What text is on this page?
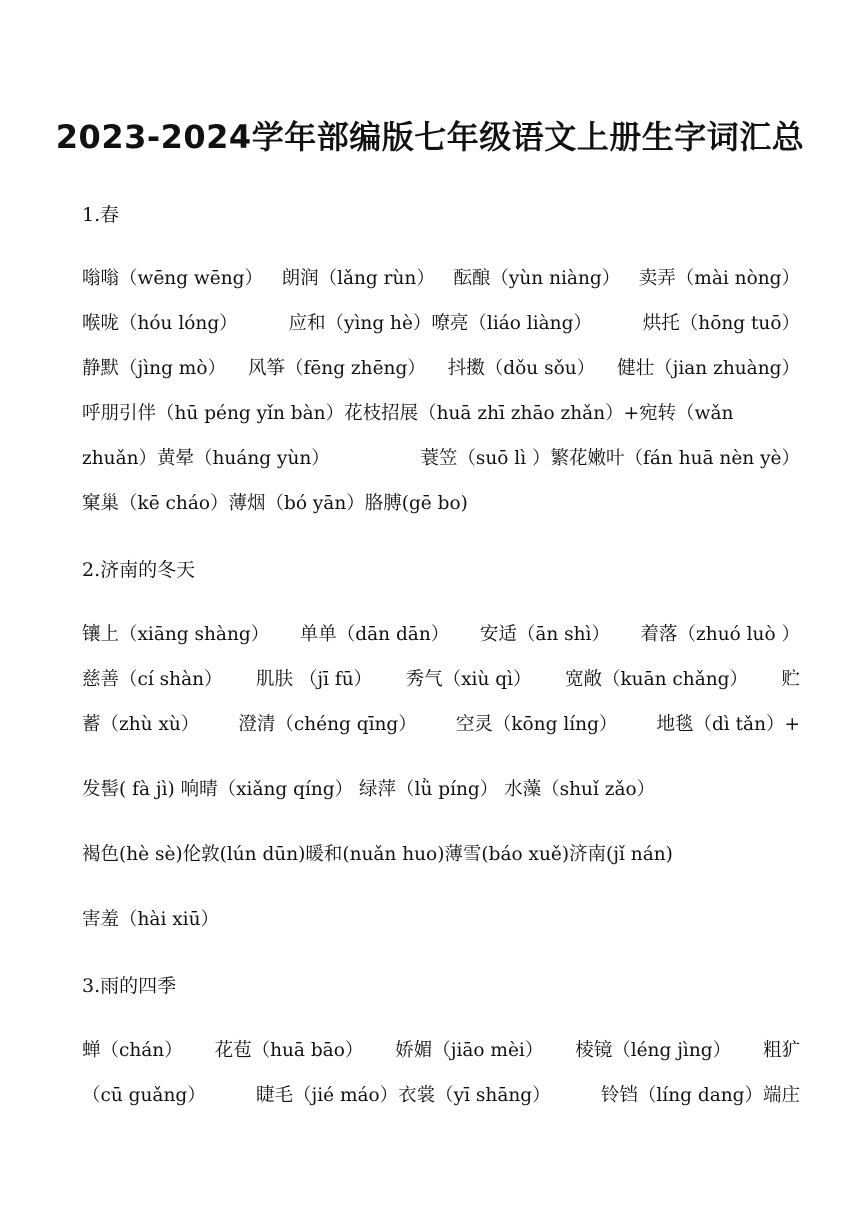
2023-2024学年部编版七年级语文上册生字词汇总
1.春
嗡嗡（wēng wēng） 朗润（lǎng rùn） 酝酿（yùn niàng） 卖弄（mài nòng）
喉咙（hóu lóng）	应和（yìng hè）嘹亮（liáo liàng）	烘托（hōng tuō）
静默（jìng mò） 风筝（fēng zhēng） 抖擞（dǒu sǒu） 健壮（jian zhuàng）
呼朋引伴（hū péng yǐn bàn）花枝招展（huā zhī zhāo zhǎn）+宛转（wǎn
zhuǎn）黄晕（huáng yùn）	蓑笠（suō lì ）繁花嫩叶（fán huā nèn yè）
窠巢（kē cháo）薄烟（bó yān）胳膊(gē bo)
2.济南的冬天
镶上（xiāng shàng） 单单（dān dān） 安适（ān shì） 着落（zhuó luò ）
慈善（cí shàn） 肌肤 （jī fū） 秀气（xiù qì） 宽敞（kuān chǎng） 贮
蓄（zhù xù） 澄清（chéng qīng） 空灵（kōng líng） 地毯（dì tǎn）+
发髻( fà jì) 响晴（xiǎng qíng） 绿萍（lǜ píng） 水藻（shuǐ zǎo）
褐色(hè sè)伦敦(lún dūn)暖和(nuǎn huo)薄雪(báo xuě)济南(jǐ nán)
害羞（hài xiū）
3.雨的四季
蝉（chán） 花苞（huā bāo） 娇媚（jiāo mèi） 棱镜（léng jìng） 粗犷
（cū guǎng）	睫毛（jié máo）衣裳（yī shāng）	铃铛（líng dang）端庄
